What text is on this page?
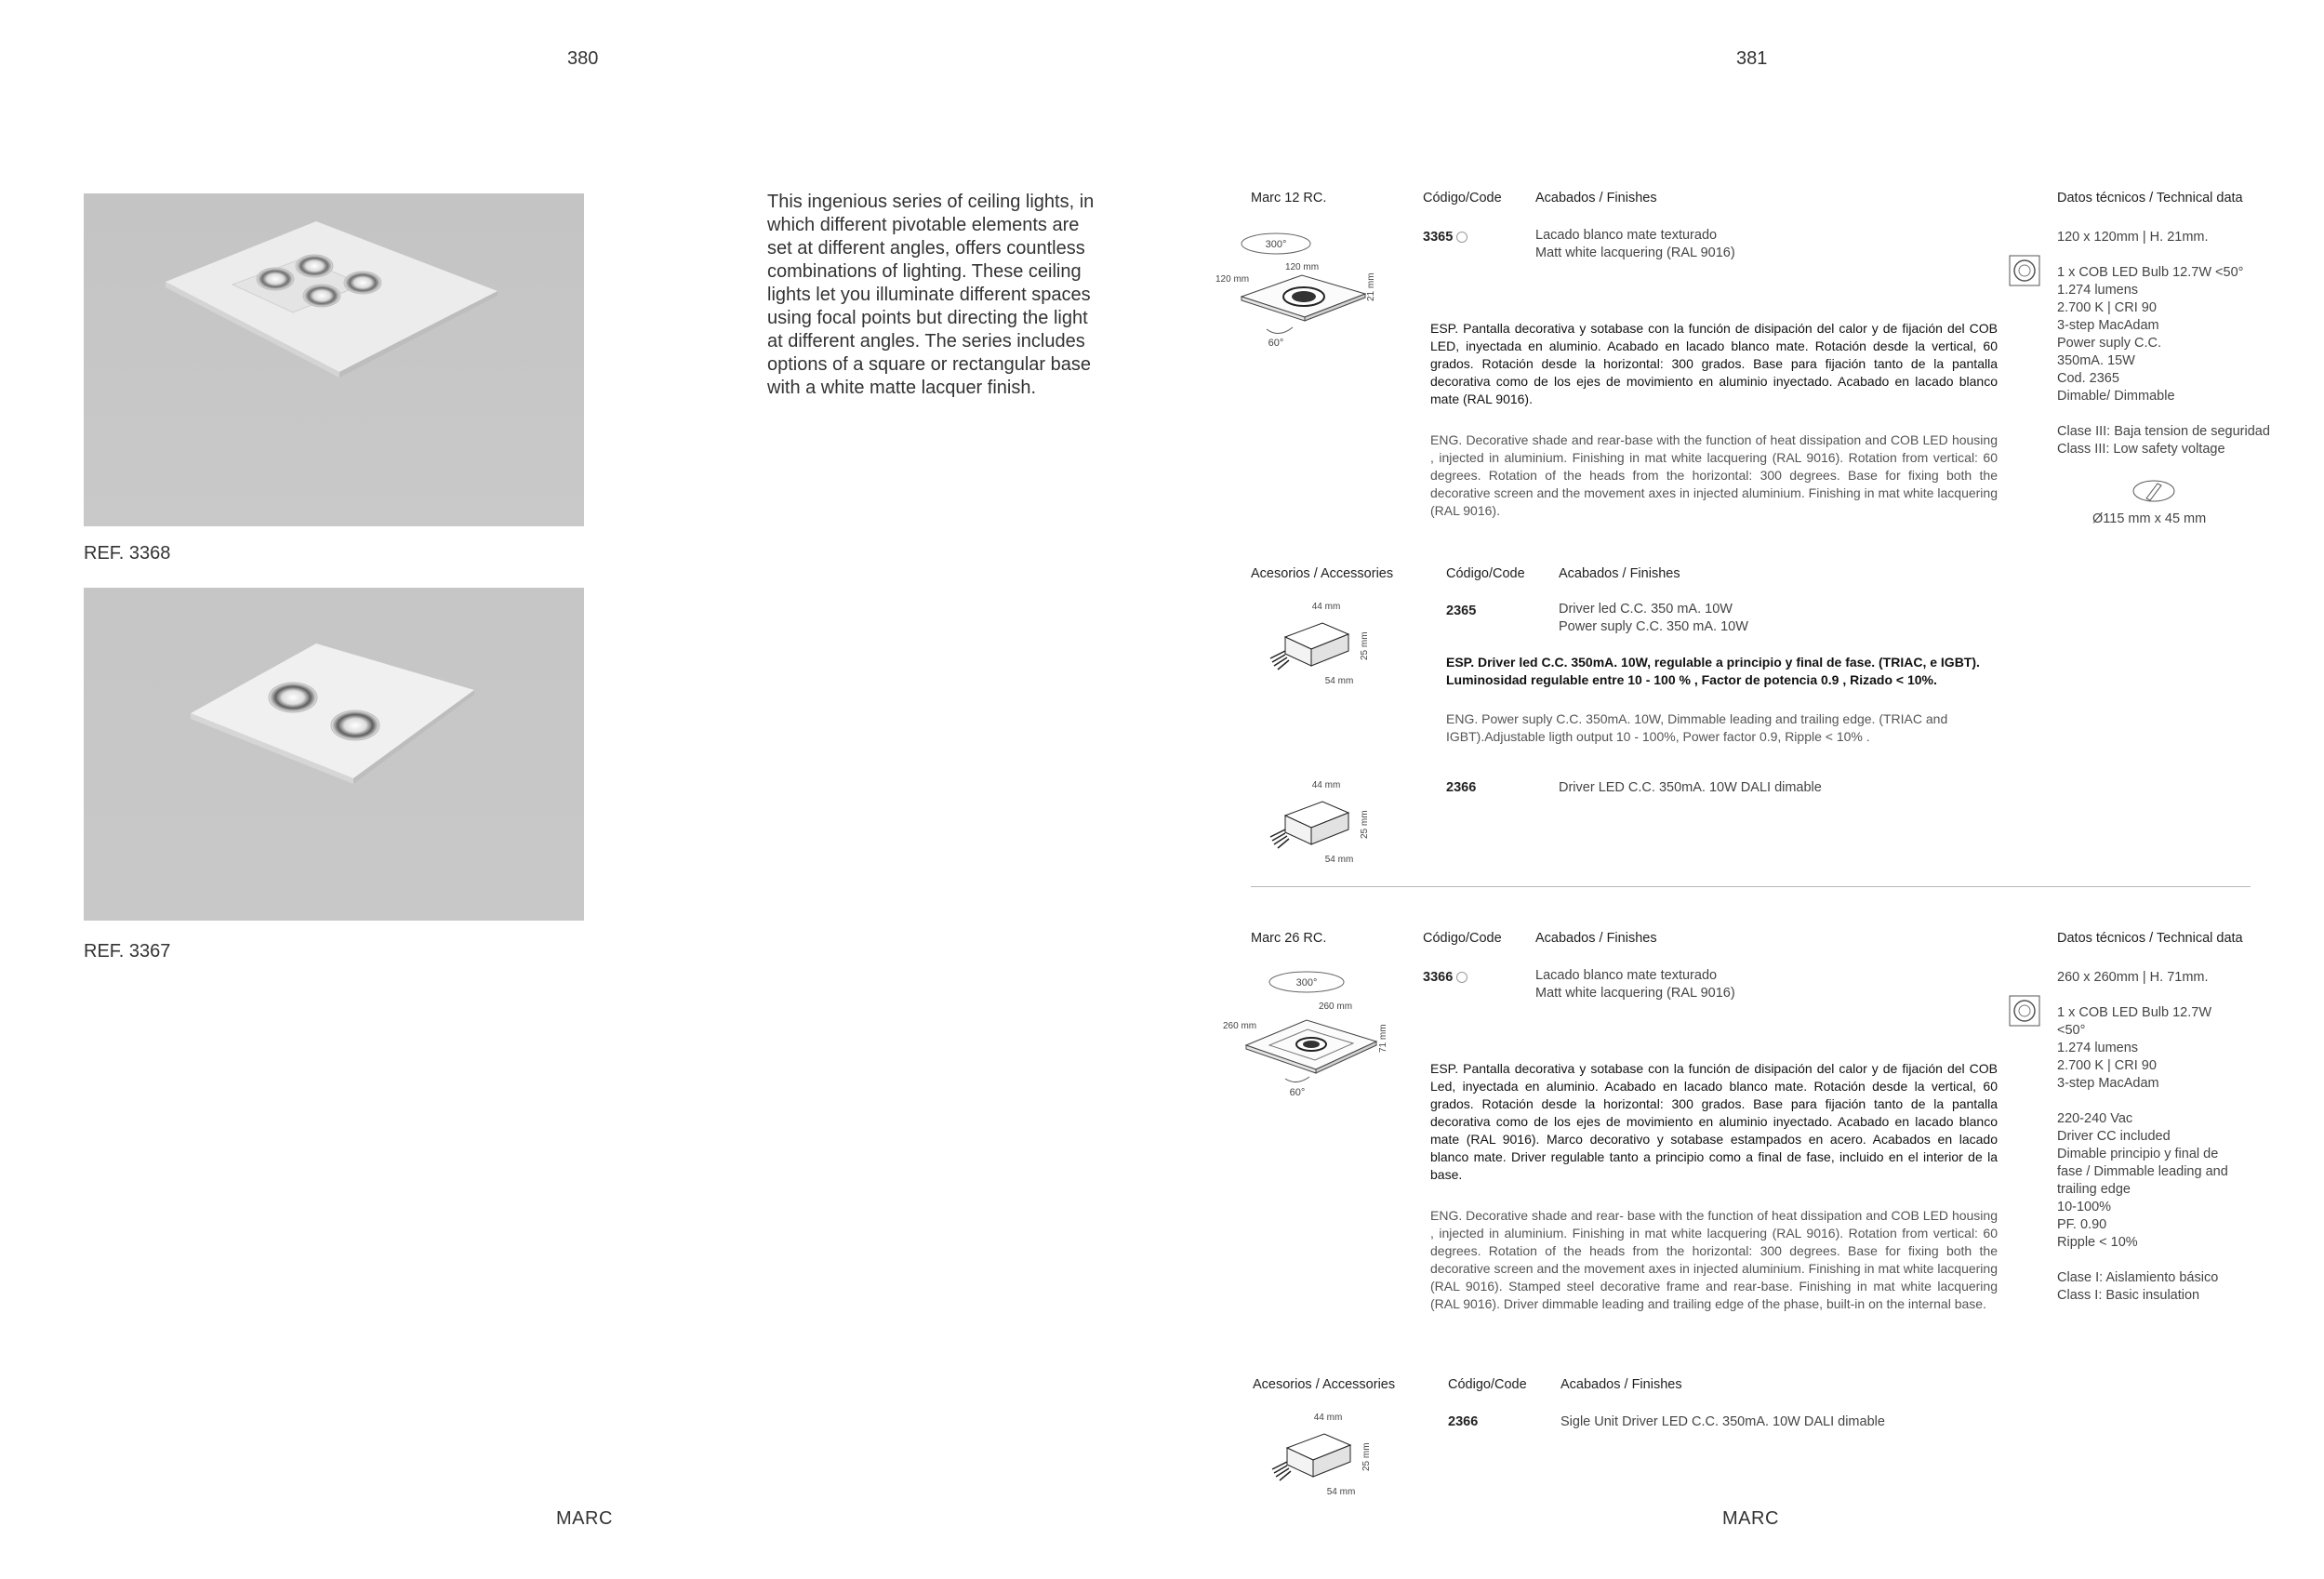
380	381
REF. 3368
REF. 3367
This ingenious series of ceiling lights, in which different pivotable elements are set at different angles, offers countless combinations of lighting. These ceiling lights let you illuminate different spaces using focal points but directing the light at different angles. The series includes options of a square or rectangular base with a white matte lacquer finish.
Marc 12 RC.	Código/Code	Acabados / Finishes	Datos técnicos / Technical data
3365	Lacado blanco mate texturado
Matt white lacquering (RAL 9016)
300°
120 mm
120 mm	21 mm
60°
ESP. Pantalla decorativa y sotabase con la función de disipación del calor y de fijación del COB LED, inyectada en aluminio. Acabado en lacado blanco mate. Rotación desde la vertical, 60 grados. Rotación desde la horizontal: 300 grados. Base para fijación tanto de la pantalla decorativa como de los ejes de movimiento en aluminio inyectado. Acabado en lacado blanco mate (RAL 9016).
ENG. Decorative shade and rear-base with the function of heat dissipation and COB LED housing , injected in aluminium. Finishing in mat white lacquering (RAL 9016). Rotation from vertical: 60 degrees. Rotation of the heads from the horizontal: 300 degrees. Base for fixing both the decorative screen and the movement axes in injected aluminium. Finishing in mat white lacquering (RAL 9016).
120 x 120mm | H. 21mm.
1 x COB LED Bulb 12.7W <50°
1.274 lumens
2.700 K | CRI 90
3-step MacAdam
Power suply C.C.
350mA. 15W
Cod. 2365
Dimable/ Dimmable
Clase III: Baja tension de seguridad
Class III: Low safety voltage
Ø115 mm x 45 mm
Acesorios / Accessories	Código/Code	Acabados / Finishes
44 mm
25 mm
54 mm
2365	Driver led C.C. 350 mA. 10W
Power suply C.C. 350 mA. 10W
ESP. Driver led C.C. 350mA. 10W, regulable a principio y final de fase. (TRIAC, e IGBT). Luminosidad regulable entre 10 - 100 % , Factor de potencia 0.9 , Rizado < 10%.
ENG. Power suply C.C. 350mA. 10W, Dimmable leading and trailing edge. (TRIAC and IGBT).Adjustable ligth output 10 - 100%, Power factor 0.9, Ripple < 10% .
44 mm
25 mm
54 mm
2366	Driver LED C.C. 350mA. 10W DALI dimable
Marc 26 RC.	Código/Code	Acabados / Finishes	Datos técnicos / Technical data
3366	Lacado blanco mate texturado
Matt white lacquering (RAL 9016)
300°
260 mm
260 mm	71 mm
60°
ESP. Pantalla decorativa y sotabase con la función de disipación del calor y de fijación del COB Led, inyectada en aluminio. Acabado en lacado blanco mate. Rotación desde la vertical, 60 grados. Rotación desde la horizontal: 300 grados. Base para fijación tanto de la pantalla decorativa como de los ejes de movimiento en aluminio inyectado. Acabado en lacado blanco mate (RAL 9016). Marco decorativo y sotabase estampados en acero. Acabados en lacado blanco mate. Driver regulable tanto a principio como a final de fase, incluido en el interior de la base.
ENG. Decorative shade and rear- base with the function of heat dissipation and COB LED housing , injected in aluminium. Finishing in mat white lacquering (RAL 9016). Rotation from vertical: 60 degrees. Rotation of the heads from the horizontal: 300 degrees. Base for fixing both the decorative screen and the movement axes in injected aluminium. Finishing in mat white lacquering (RAL 9016). Stamped steel decorative frame and rear-base. Finishing in mat white lacquering (RAL 9016). Driver dimmable leading and trailing edge of the phase, built-in on the internal base.
260 x 260mm | H. 71mm.
1 x COB LED Bulb 12.7W
<50°
1.274 lumens
2.700 K | CRI 90
3-step MacAdam
220-240 Vac
Driver CC included
Dimable principio y final de
fase / Dimmable leading and
trailing edge
10-100%
PF. 0.90
Ripple < 10%
Clase I: Aislamiento básico
Class I: Basic insulation
Acesorios / Accessories	Código/Code	Acabados / Finishes
44 mm
25 mm
54 mm
2366	Sigle Unit Driver LED C.C. 350mA. 10W DALI dimable
MARC	MARC
